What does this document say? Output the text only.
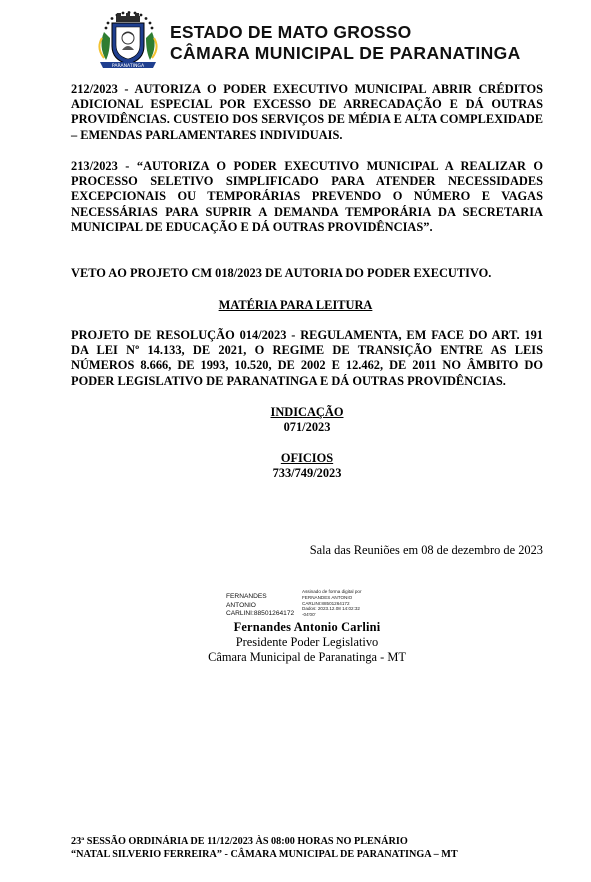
PARANATINGA
ESTADO DE MATO GROSSO
CÂMARA MUNICIPAL DE PARANATINGA

212/2023 - AUTORIZA O PODER EXECUTIVO MUNICIPAL ABRIR CRÉDITOS ADICIONAL ESPECIAL POR EXCESSO DE ARRECADAÇÃO E DÁ OUTRAS PROVIDÊNCIAS. CUSTEIO DOS SERVIÇOS DE MÉDIA E ALTA COMPLEXIDADE – EMENDAS PARLAMENTARES INDIVIDUAIS.

213/2023 - “AUTORIZA O PODER EXECUTIVO MUNICIPAL A REALIZAR O PROCESSO SELETIVO SIMPLIFICADO PARA ATENDER NECESSIDADES EXCEPCIONAIS OU TEMPORÁRIAS PREVENDO O NÚMERO E VAGAS NECESSÁRIAS PARA SUPRIR A DEMANDA TEMPORÁRIA DA SECRETARIA MUNICIPAL DE EDUCAÇÃO E DÁ OUTRAS PROVIDÊNCIAS”.

VETO AO PROJETO CM 018/2023 DE AUTORIA DO PODER EXECUTIVO.
MATÉRIA PARA LEITURA

PROJETO DE RESOLUÇÃO 014/2023 - REGULAMENTA, EM FACE DO ART. 191 DA LEI Nº 14.133, DE 2021, O REGIME DE TRANSIÇÃO ENTRE AS LEIS NÚMEROS 8.666, DE 1993, 10.520, DE 2002 E 12.462, DE 2011 NO ÂMBITO DO PODER LEGISLATIVO DE PARANATINGA E DÁ OUTRAS PROVIDÊNCIAS.

INDICAÇÃO
071/2023
OFICIOS
733/749/2023
Sala das Reuniões em 08 de dezembro de 2023
FERNANDES
ANTONIO
CARLINI:88501264172
Assinado de forma digital por
FERNANDES ANTONIO
CARLINI:88501264172
Dados: 2023.12.08 14:02:32
-04'00'
Fernandes Antonio Carlini
Presidente Poder Legislativo
Câmara Municipal de Paranatinga - MT
23ª SESSÃO ORDINÁRIA DE 11/12/2023 ÀS 08:00 HORAS NO PLENÁRIO
“NATAL SILVERIO FERREIRA” - CÂMARA MUNICIPAL DE PARANATINGA – MT
